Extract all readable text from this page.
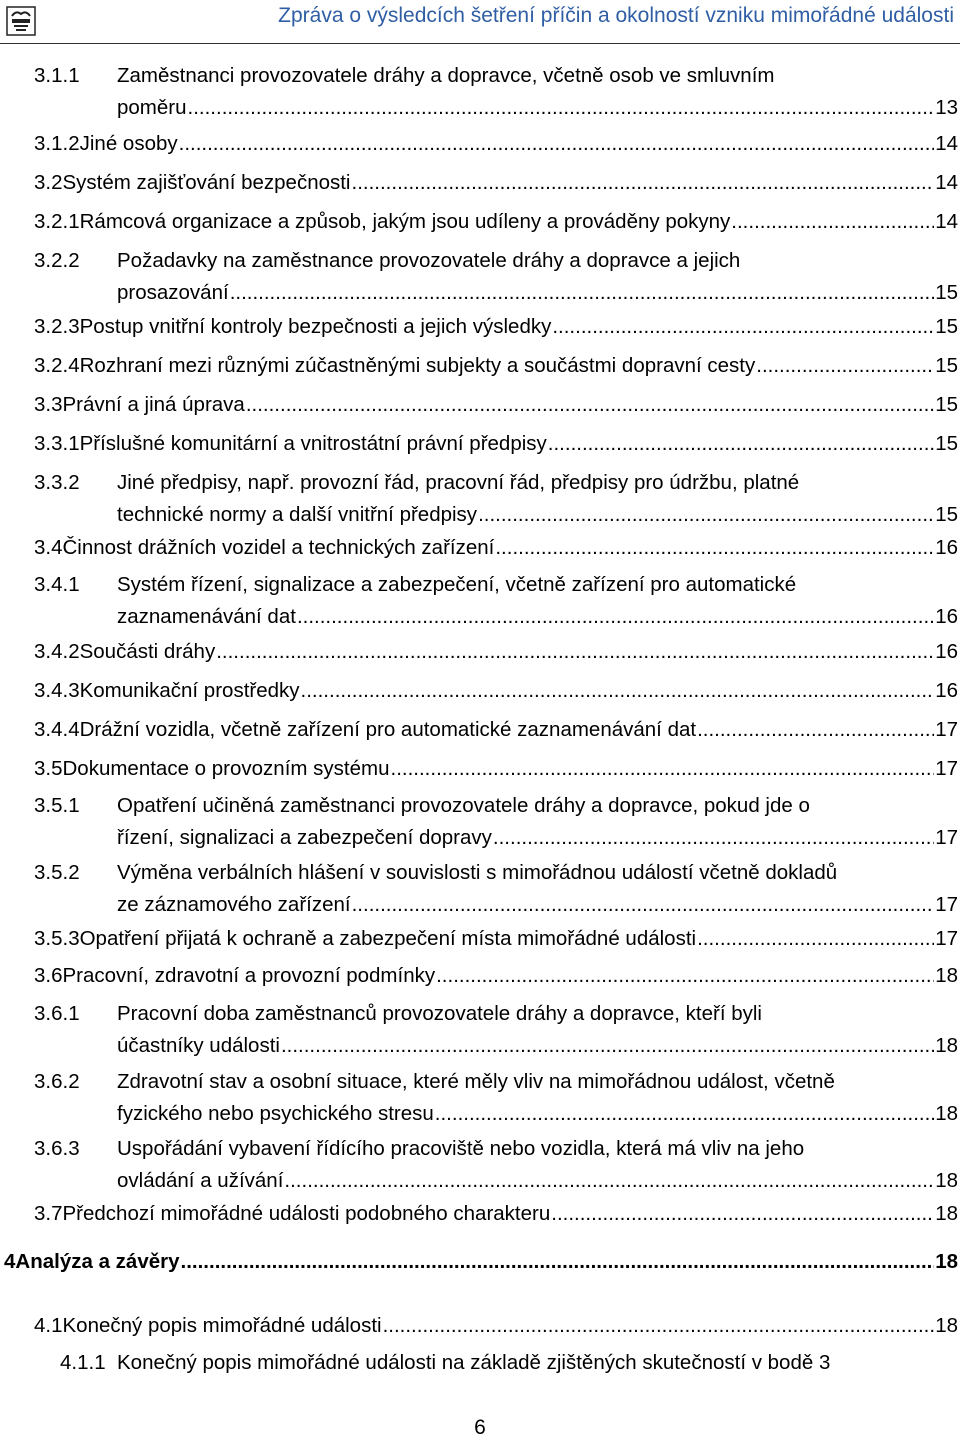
Zpráva o výsledcích šetření příčin a okolností vzniku mimořádné události
3.1.1 Zaměstnanci provozovatele dráhy a dopravce, včetně osob ve smluvním
poměru .....	13
3.1.2 Jiné osoby .....	14
3.2 Systém zajišťování bezpečnosti .....	14
3.2.1 Rámcová organizace a způsob, jakým jsou udíleny a prováděny pokyny .....	14
3.2.2 Požadavky na zaměstnance provozovatele dráhy a dopravce a jejich
prosazování .....	15
3.2.3 Postup vnitřní kontroly bezpečnosti a jejich výsledky .....	15
3.2.4 Rozhraní mezi různými zúčastněnými subjekty a součástmi dopravní cesty .....	15
3.3 Právní a jiná úprava .....	15
3.3.1 Příslušné komunitární a vnitrostátní právní předpisy .....	15
3.3.2 Jiné předpisy, např. provozní řád, pracovní řád, předpisy pro údržbu, platné
technické normy a další vnitřní předpisy .....	15
3.4 Činnost drážních vozidel a technických zařízení .....	16
3.4.1 Systém řízení, signalizace a zabezpečení, včetně zařízení pro automatické
zaznamenávání dat .....	16
3.4.2 Součásti dráhy .....	16
3.4.3 Komunikační prostředky .....	16
3.4.4 Drážní vozidla, včetně zařízení pro automatické zaznamenávání dat .....	17
3.5 Dokumentace o provozním systému .....	17
3.5.1 Opatření učiněná zaměstnanci provozovatele dráhy a dopravce, pokud jde o
řízení, signalizaci a zabezpečení dopravy .....	17
3.5.2 Výměna verbálních hlášení v souvislosti s mimořádnou událostí včetně dokladů
ze záznamového zařízení .....	17
3.5.3 Opatření přijatá k ochraně a zabezpečení místa mimořádné události .....	17
3.6 Pracovní, zdravotní a provozní podmínky .....	18
3.6.1 Pracovní doba zaměstnanců provozovatele dráhy a dopravce, kteří byli
účastníky události .....	18
3.6.2 Zdravotní stav a osobní situace, které měly vliv na mimořádnou událost, včetně
fyzického nebo psychického stresu .....	18
3.6.3 Uspořádání vybavení řídícího pracoviště nebo vozidla, která má vliv na jeho
ovládání a užívání .....	18
3.7 Předchozí mimořádné události podobného charakteru .....	18
4 Analýza a závěry .....	18
4.1 Konečný popis mimořádné události .....	18
4.1.1 Konečný popis mimořádné události na základě zjištěných skutečností v bodě 3
6
